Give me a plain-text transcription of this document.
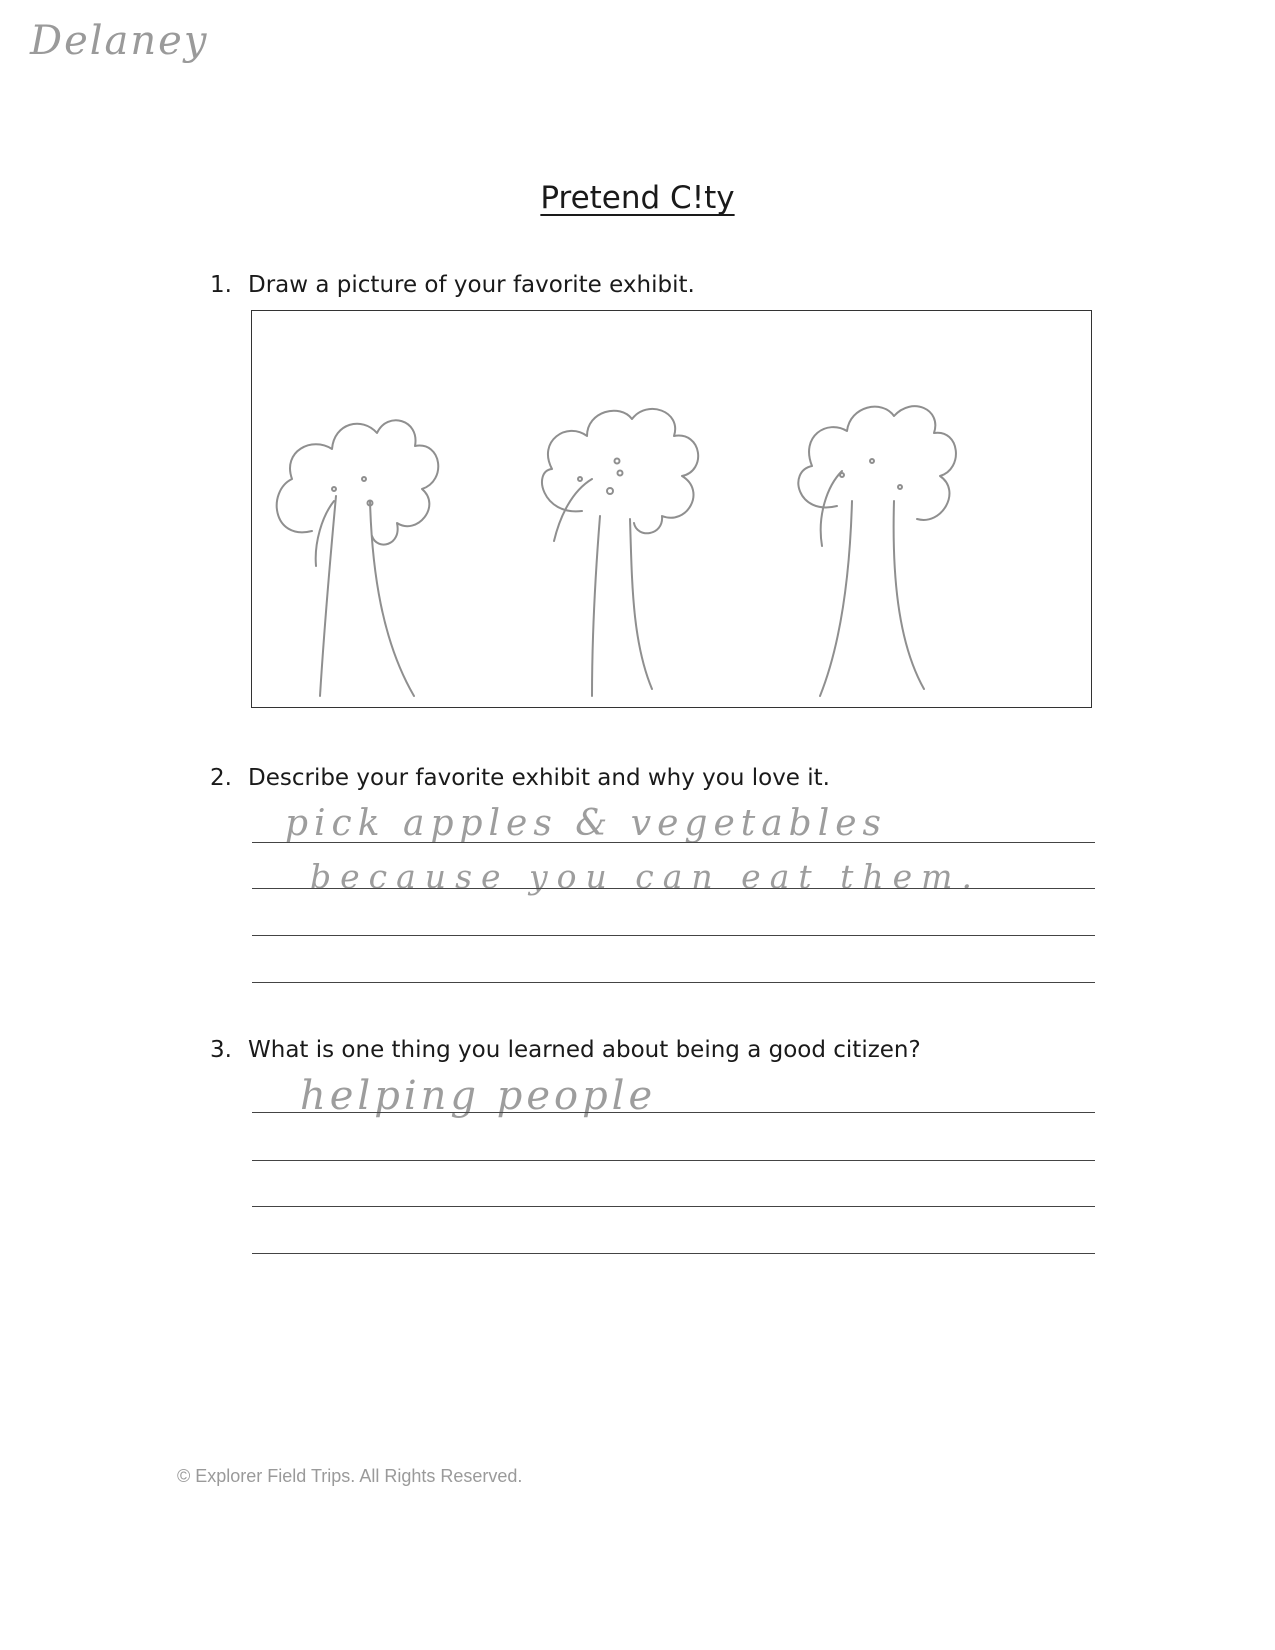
Delaney
Pretend C!ty
1. Draw a picture of your favorite exhibit.
2. Describe your favorite exhibit and why you love it.
pick apples & vegetables
because you can eat them.
3. What is one thing you learned about being a good citizen?
helping people
© Explorer Field Trips. All Rights Reserved.
